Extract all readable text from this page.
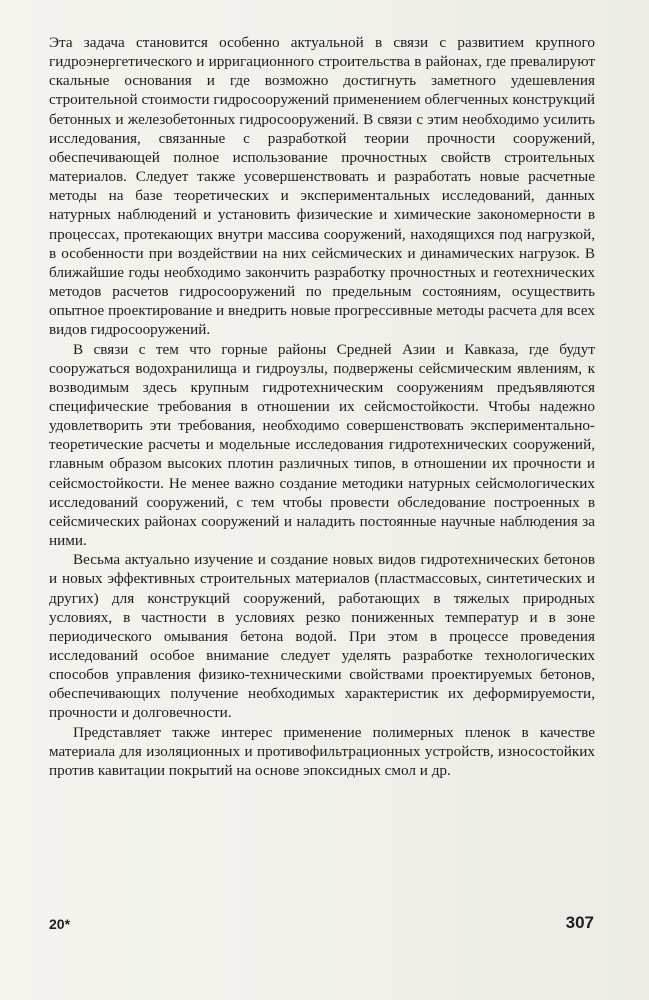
Эта задача становится особенно актуальной в связи с развитием крупного гидроэнергетического и ирригационного строительства в районах, где превалируют скальные основания и где возможно достигнуть заметного удешевления строительной стоимости гидросооружений применением облегченных конструкций бетонных и железобетонных гидросооружений. В связи с этим необходимо усилить исследования, связанные с разработкой теории прочности сооружений, обеспечивающей полное использование прочностных свойств строительных материалов. Следует также усовершенствовать и разработать новые расчетные методы на базе теоретических и экспериментальных исследований, данных натурных наблюдений и установить физические и химические закономерности в процессах, протекающих внутри массива сооружений, находящихся под нагрузкой, в особенности при воздействии на них сейсмических и динамических нагрузок. В ближайшие годы необходимо закончить разработку прочностных и геотехнических методов расчетов гидросооружений по предельным состояниям, осуществить опытное проектирование и внедрить новые прогрессивные методы расчета для всех видов гидросооружений.

В связи с тем что горные районы Средней Азии и Кавказа, где будут сооружаться водохранилища и гидроузлы, подвержены сейсмическим явлениям, к возводимым здесь крупным гидротехническим сооружениям предъявляются специфические требования в отношении их сейсмостойкости. Чтобы надежно удовлетворить эти требования, необходимо совершенствовать экспериментально-теоретические расчеты и модельные исследования гидротехнических сооружений, главным образом высоких плотин различных типов, в отношении их прочности и сейсмостойкости. Не менее важно создание методики натурных сейсмологических исследований сооружений, с тем чтобы провести обследование построенных в сейсмических районах сооружений и наладить постоянные научные наблюдения за ними.

Весьма актуально изучение и создание новых видов гидротехнических бетонов и новых эффективных строительных материалов (пластмассовых, синтетических и других) для конструкций сооружений, работающих в тяжелых природных условиях, в частности в условиях резко пониженных температур и в зоне периодического омывания бетона водой. При этом в процессе проведения исследований особое внимание следует уделять разработке технологических способов управления физико-техническими свойствами проектируемых бетонов, обеспечивающих получение необходимых характеристик их деформируемости, прочности и долговечности.

Представляет также интерес применение полимерных пленок в качестве материала для изоляционных и противофильтрационных устройств, износостойких против кавитации покрытий на основе эпоксидных смол и др.

20*	307
